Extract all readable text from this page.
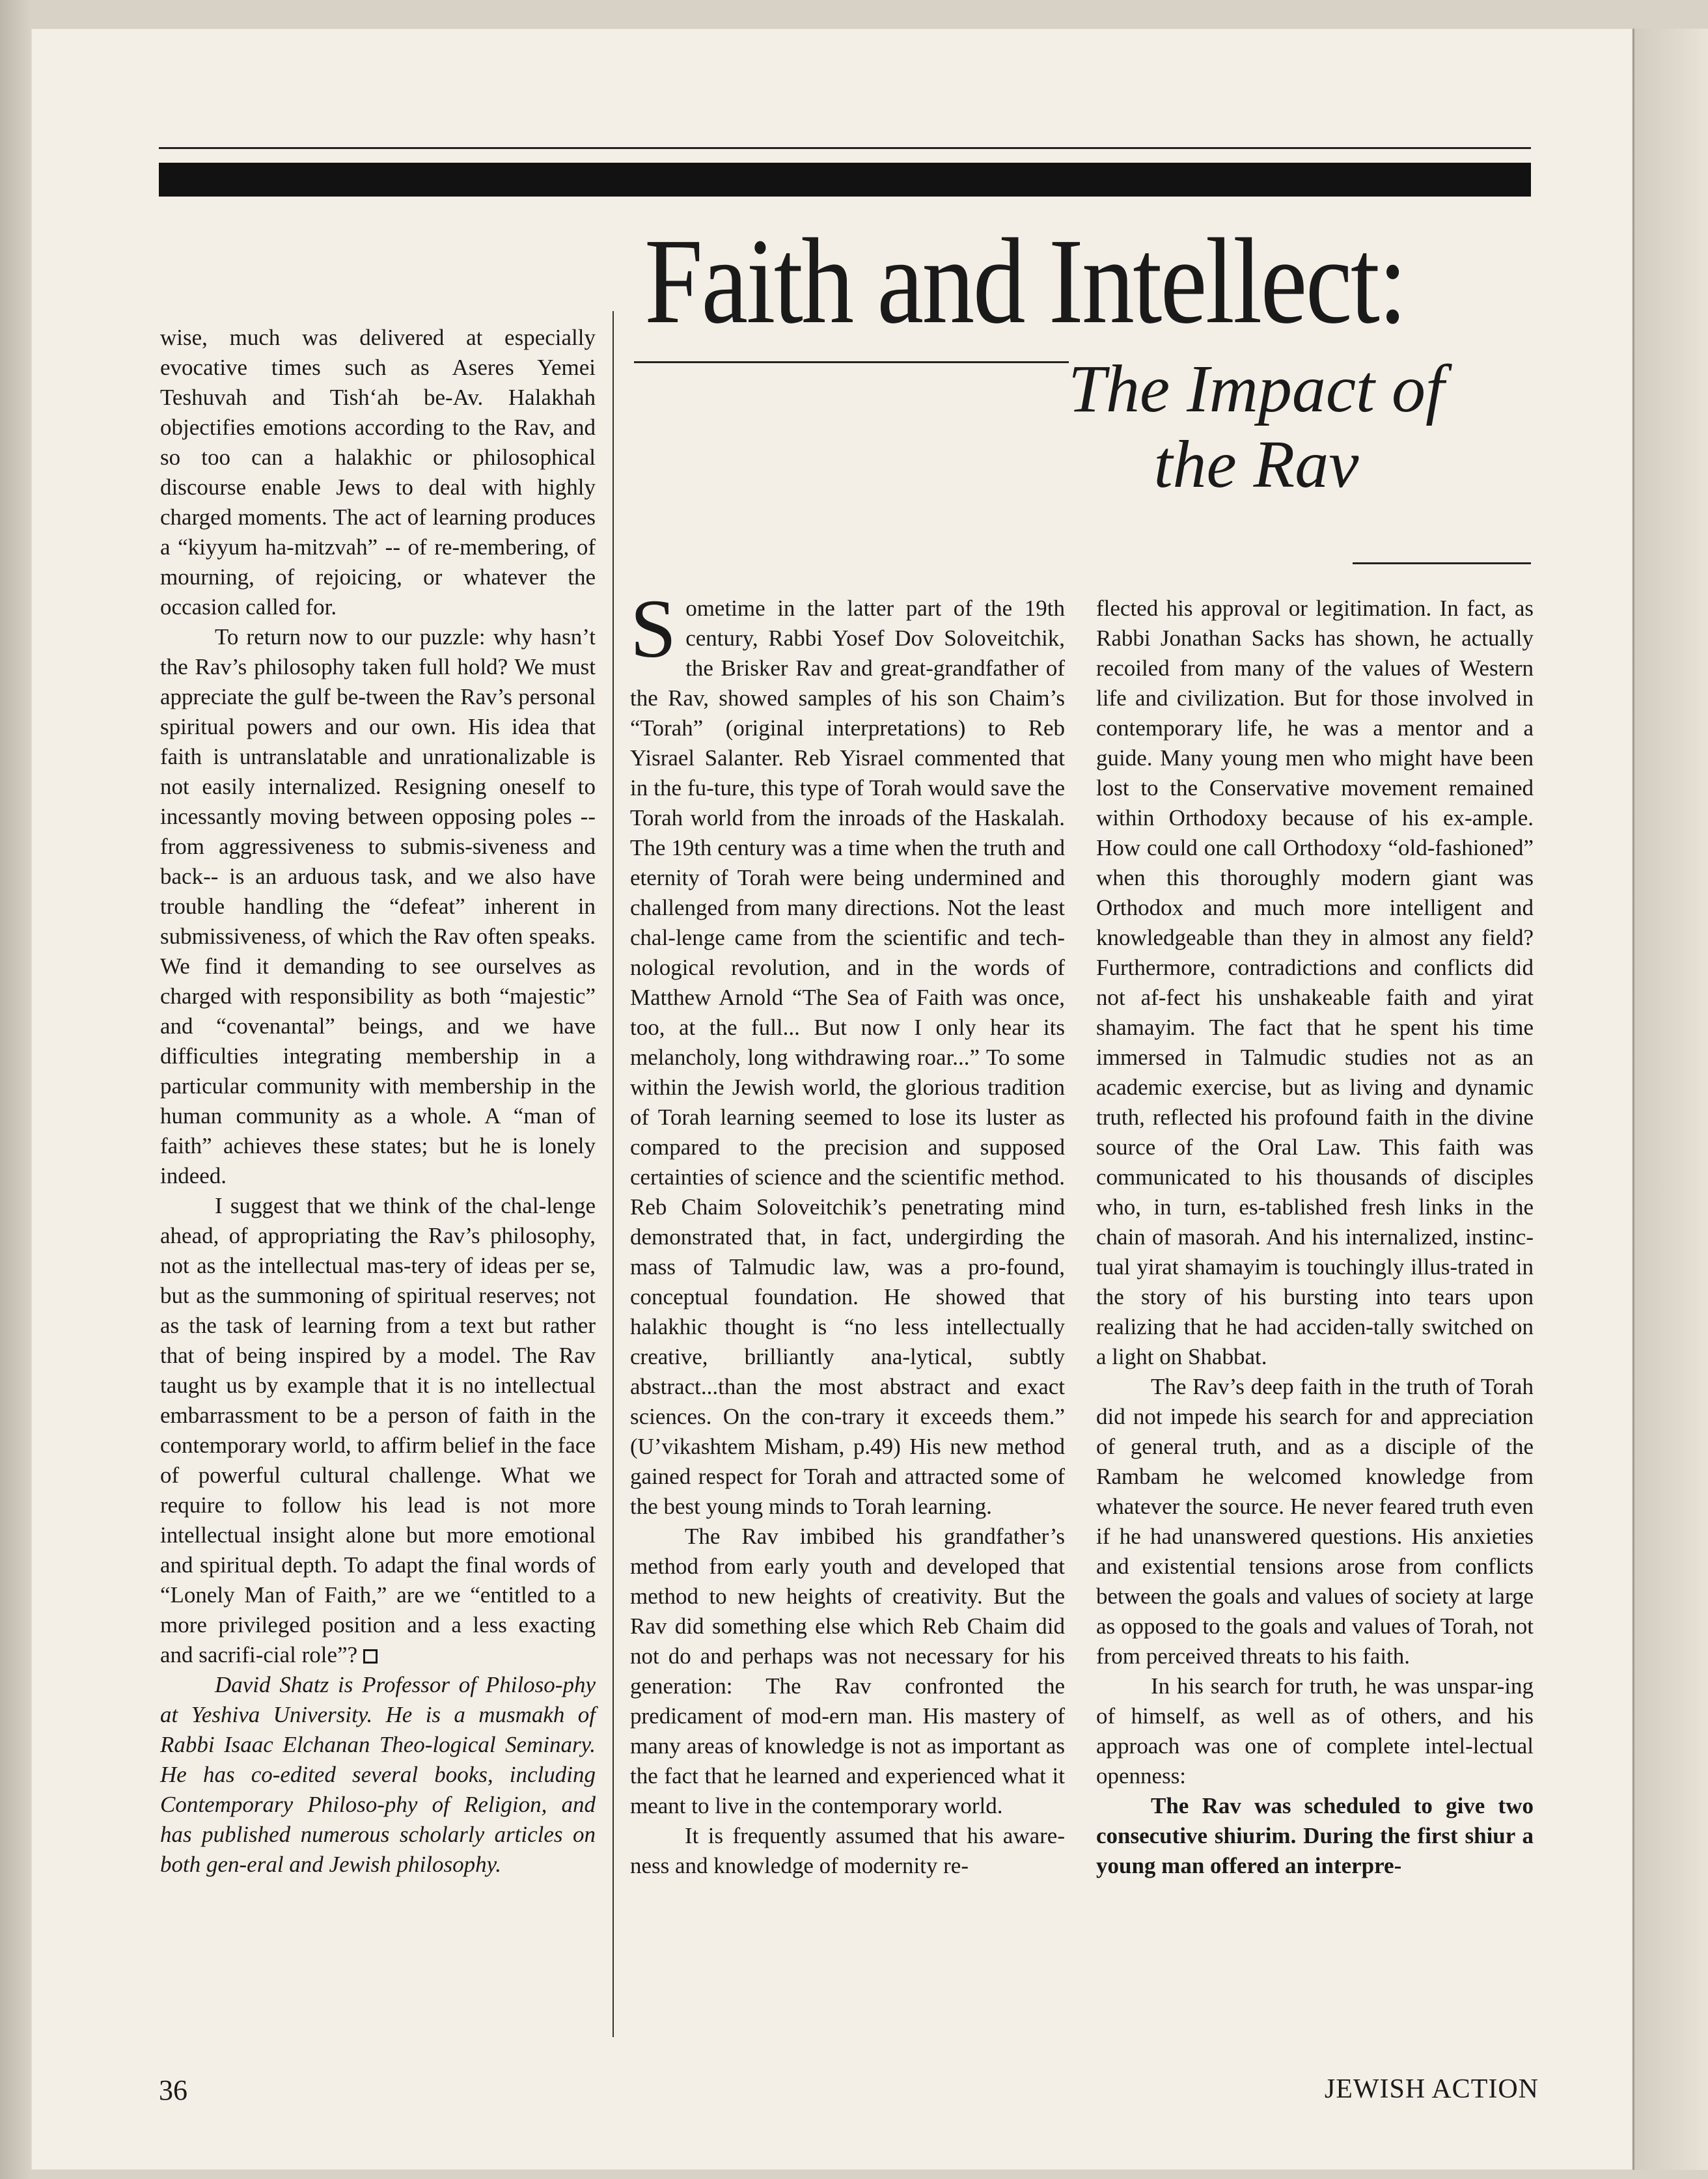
Faith and Intellect:
The Impact of the Rav

wise, much was delivered at especially evocative times such as Aseres Yemei Teshuvah and Tish‘ah be-Av. Halakhah objectifies emotions according to the Rav, and so too can a halakhic or philosophical discourse enable Jews to deal with highly charged moments. The act of learning produces a “kiyyum ha-mitzvah” -- of re-membering, of mourning, of rejoicing, or whatever the occasion called for.

To return now to our puzzle: why hasn’t the Rav’s philosophy taken full hold? We must appreciate the gulf be-tween the Rav’s personal spiritual powers and our own. His idea that faith is untranslatable and unrationalizable is not easily internalized. Resigning oneself to incessantly moving between opposing poles -- from aggressiveness to submis-siveness and back-- is an arduous task, and we also have trouble handling the “defeat” inherent in submissiveness, of which the Rav often speaks. We find it demanding to see ourselves as charged with responsibility as both “majestic” and “covenantal” beings, and we have difficulties integrating membership in a particular community with membership in the human community as a whole. A “man of faith” achieves these states; but he is lonely indeed.

I suggest that we think of the chal-lenge ahead, of appropriating the Rav’s philosophy, not as the intellectual mas-tery of ideas per se, but as the summoning of spiritual reserves; not as the task of learning from a text but rather that of being inspired by a model. The Rav taught us by example that it is no intellectual embarrassment to be a person of faith in the contemporary world, to affirm belief in the face of powerful cultural challenge. What we require to follow his lead is not more intellectual insight alone but more emotional and spiritual depth. To adapt the final words of “Lonely Man of Faith,” are we “entitled to a more privileged position and a less exacting and sacrifi-cial role”?

David Shatz is Professor of Philoso-phy at Yeshiva University. He is a musmakh of Rabbi Isaac Elchanan Theo-logical Seminary. He has co-edited several books, including Contemporary Philoso-phy of Religion, and has published numerous scholarly articles on both gen-eral and Jewish philosophy.

Sometime in the latter part of the 19th century, Rabbi Yosef Dov Soloveitchik, the Brisker Rav and great-grandfather of the Rav, showed samples of his son Chaim’s “Torah” (original interpretations) to Reb Yisrael Salanter. Reb Yisrael commented that in the fu-ture, this type of Torah would save the Torah world from the inroads of the Haskalah. The 19th century was a time when the truth and eternity of Torah were being undermined and challenged from many directions. Not the least chal-lenge came from the scientific and tech-nological revolution, and in the words of Matthew Arnold “The Sea of Faith was once, too, at the full... But now I only hear its melancholy, long withdrawing roar...” To some within the Jewish world, the glorious tradition of Torah learning seemed to lose its luster as compared to the precision and supposed certainties of science and the scientific method. Reb Chaim Soloveitchik’s penetrating mind demonstrated that, in fact, undergirding the mass of Talmudic law, was a pro-found, conceptual foundation. He showed that halakhic thought is “no less intellectually creative, brilliantly ana-lytical, subtly abstract...than the most abstract and exact sciences. On the con-trary it exceeds them.” (U’vikashtem Misham, p.49) His new method gained respect for Torah and attracted some of the best young minds to Torah learning.

The Rav imbibed his grandfather’s method from early youth and developed that method to new heights of creativity. But the Rav did something else which Reb Chaim did not do and perhaps was not necessary for his generation: The Rav confronted the predicament of mod-ern man. His mastery of many areas of knowledge is not as important as the fact that he learned and experienced what it meant to live in the contemporary world.

It is frequently assumed that his aware-ness and knowledge of modernity re-

flected his approval or legitimation. In fact, as Rabbi Jonathan Sacks has shown, he actually recoiled from many of the values of Western life and civilization. But for those involved in contemporary life, he was a mentor and a guide. Many young men who might have been lost to the Conservative movement remained within Orthodoxy because of his ex-ample. How could one call Orthodoxy “old-fashioned” when this thoroughly modern giant was Orthodox and much more intelligent and knowledgeable than they in almost any field? Furthermore, contradictions and conflicts did not af-fect his unshakeable faith and yirat shamayim. The fact that he spent his time immersed in Talmudic studies not as an academic exercise, but as living and dynamic truth, reflected his profound faith in the divine source of the Oral Law. This faith was communicated to his thousands of disciples who, in turn, es-tablished fresh links in the chain of masorah. And his internalized, instinc-tual yirat shamayim is touchingly illus-trated in the story of his bursting into tears upon realizing that he had acciden-tally switched on a light on Shabbat.

The Rav’s deep faith in the truth of Torah did not impede his search for and appreciation of general truth, and as a disciple of the Rambam he welcomed knowledge from whatever the source. He never feared truth even if he had unanswered questions. His anxieties and existential tensions arose from conflicts between the goals and values of society at large as opposed to the goals and values of Torah, not from perceived threats to his faith.

In his search for truth, he was unspar-ing of himself, as well as of others, and his approach was one of complete intel-lectual openness:

The Rav was scheduled to give two consecutive shiurim. During the first shiur a young man offered an interpre-

36	JEWISH ACTION
